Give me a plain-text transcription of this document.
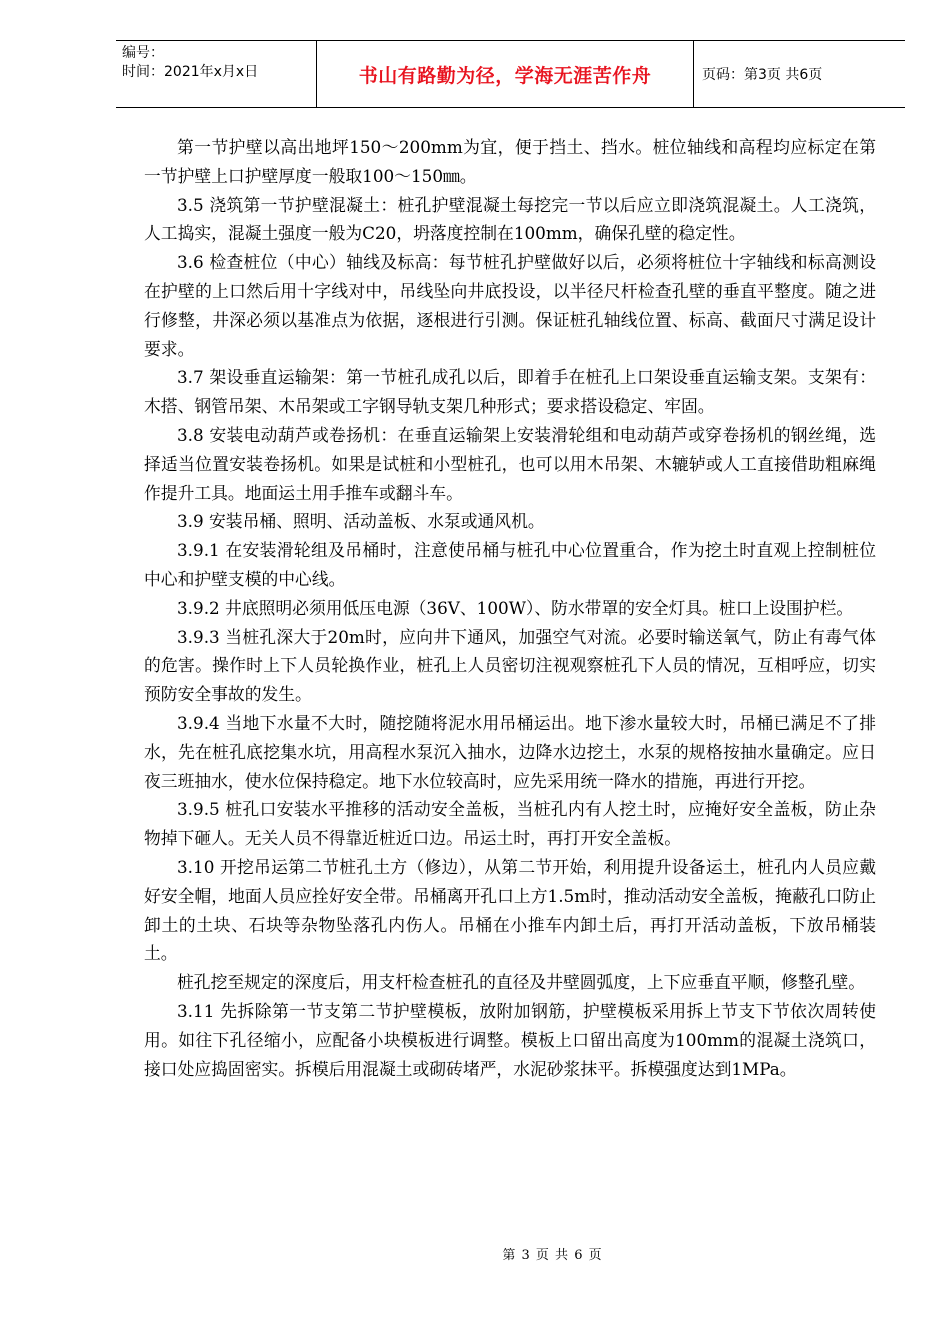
编号：
时间：2021年x月x日	书山有路勤为径，学海无涯苦作舟	页码：第3页 共6页

第一节护壁以高出地坪150～200mm为宜，便于挡土、挡水。桩位轴线和高程均应标定在第一节护壁上口护壁厚度一般取100～150㎜。

3.5 浇筑第一节护壁混凝土：桩孔护壁混凝土每挖完一节以后应立即浇筑混凝土。人工浇筑，人工捣实，混凝土强度一般为C20，坍落度控制在100mm，确保孔壁的稳定性。

3.6 检查桩位（中心）轴线及标高：每节桩孔护壁做好以后，必须将桩位十字轴线和标高测设在护壁的上口然后用十字线对中，吊线坠向井底投设，以半径尺杆检查孔壁的垂直平整度。随之进行修整，井深必须以基准点为依据，逐根进行引测。保证桩孔轴线位置、标高、截面尺寸满足设计要求。

3.7 架设垂直运输架：第一节桩孔成孔以后，即着手在桩孔上口架设垂直运输支架。支架有：木搭、钢管吊架、木吊架或工字钢导轨支架几种形式；要求搭设稳定、牢固。

3.8 安装电动葫芦或卷扬机：在垂直运输架上安装滑轮组和电动葫芦或穿卷扬机的钢丝绳，选择适当位置安装卷扬机。如果是试桩和小型桩孔，也可以用木吊架、木辘轳或人工直接借助粗麻绳作提升工具。地面运土用手推车或翻斗车。

3.9 安装吊桶、照明、活动盖板、水泵或通风机。

3.9.1 在安装滑轮组及吊桶时，注意使吊桶与桩孔中心位置重合，作为挖土时直观上控制桩位中心和护壁支模的中心线。

3.9.2 井底照明必须用低压电源（36V、100W）、防水带罩的安全灯具。桩口上设围护栏。

3.9.3 当桩孔深大于20m时，应向井下通风，加强空气对流。必要时输送氧气，防止有毒气体的危害。操作时上下人员轮换作业，桩孔上人员密切注视观察桩孔下人员的情况，互相呼应，切实预防安全事故的发生。

3.9.4 当地下水量不大时，随挖随将泥水用吊桶运出。地下渗水量较大时，吊桶已满足不了排水，先在桩孔底挖集水坑，用高程水泵沉入抽水，边降水边挖土，水泵的规格按抽水量确定。应日夜三班抽水，使水位保持稳定。地下水位较高时，应先采用统一降水的措施，再进行开挖。

3.9.5 桩孔口安装水平推移的活动安全盖板，当桩孔内有人挖土时，应掩好安全盖板，防止杂物掉下砸人。无关人员不得靠近桩近口边。吊运土时，再打开安全盖板。

3.10 开挖吊运第二节桩孔土方（修边），从第二节开始，利用提升设备运土，桩孔内人员应戴好安全帽，地面人员应拴好安全带。吊桶离开孔口上方1.5m时，推动活动安全盖板，掩蔽孔口防止卸土的土块、石块等杂物坠落孔内伤人。吊桶在小推车内卸土后，再打开活动盖板，下放吊桶装土。

桩孔挖至规定的深度后，用支杆检查桩孔的直径及井壁圆弧度，上下应垂直平顺，修整孔壁。

3.11 先拆除第一节支第二节护壁模板，放附加钢筋，护壁模板采用拆上节支下节依次周转使用。如往下孔径缩小，应配备小块模板进行调整。模板上口留出高度为100mm的混凝土浇筑口，接口处应捣固密实。拆模后用混凝土或砌砖堵严，水泥砂浆抹平。拆模强度达到1MPa。

第 3 页 共 6 页
